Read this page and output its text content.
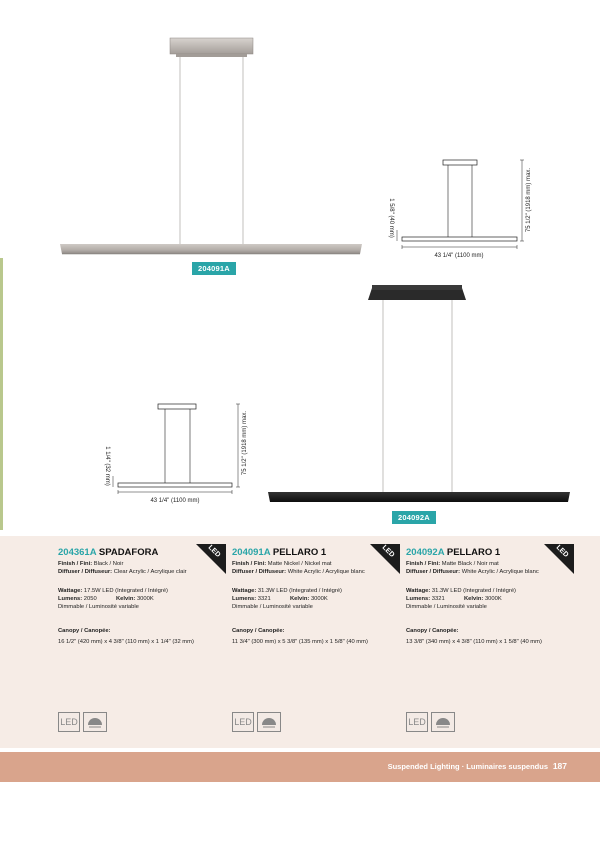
43 1/4" (1100 mm)
75 1/2" (1918 mm) max.
1 5/8" (40 mm)
43 1/4" (1100 mm)
75 1/2" (1918 mm) max.
1 1/4" (32 mm)
204091A
204092A
LED
204361A SPADAFORA
Finish / Fini: Black / Noir
Diffuser / Diffuseur: Clear Acrylic / Acrylique clair
Wattage: 17.5W LED (Integrated / Intégré)
Lumens: 2050	Kelvin: 3000K
Dimmable / Luminosité variable
Canopy / Canopée:
16 1/2" (420 mm) x 4 3/8" (110 mm) x 1 1/4" (32 mm)
LED
LED
204091A PELLARO 1
Finish / Fini: Matte Nickel / Nickel mat
Diffuser / Diffuseur: White Acrylic / Acrylique blanc
Wattage: 31.3W LED (Integrated / Intégré)
Lumens: 3321	Kelvin: 3000K
Dimmable / Luminosité variable
Canopy / Canopée:
11 3/4" (300 mm) x 5 3/8" (135 mm) x 1 5/8" (40 mm)
LED
LED
204092A PELLARO 1
Finish / Fini: Matte Black / Noir mat
Diffuser / Diffuseur: White Acrylic / Acrylique blanc
Wattage: 31.3W LED (Integrated / Intégré)
Lumens: 3321	Kelvin: 3000K
Dimmable / Luminosité variable
Canopy / Canopée:
13 3/8" (340 mm) x 4 3/8" (110 mm) x 1 5/8" (40 mm)
LED
Suspended Lighting · Luminaires suspendus 187
